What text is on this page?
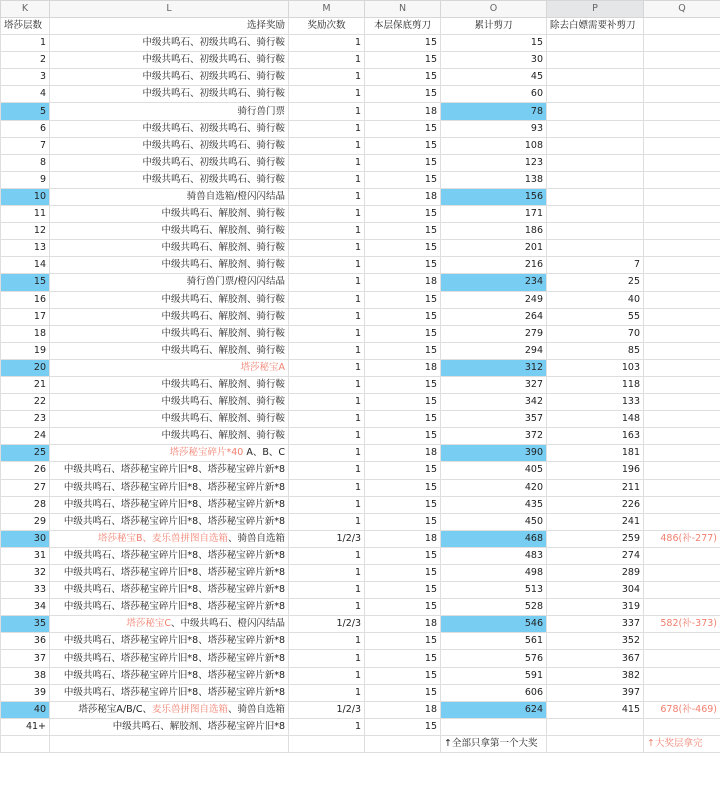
K	L	M	N	O	P	Q
塔莎层数	选择奖励	奖励次数	本层保底剪刀	累计剪刀	除去白嫖需要补剪刀	
1	中级共鸣石、初级共鸣石、骑行鞍	1	15	15		
2	中级共鸣石、初级共鸣石、骑行鞍	1	15	30		
3	中级共鸣石、初级共鸣石、骑行鞍	1	15	45		
4	中级共鸣石、初级共鸣石、骑行鞍	1	15	60		
5	骑行兽门票	1	18	78		
6	中级共鸣石、初级共鸣石、骑行鞍	1	15	93		
7	中级共鸣石、初级共鸣石、骑行鞍	1	15	108		
8	中级共鸣石、初级共鸣石、骑行鞍	1	15	123		
9	中级共鸣石、初级共鸣石、骑行鞍	1	15	138		
10	骑兽自选箱/橙闪闪结晶	1	18	156		
11	中级共鸣石、解胶剂、骑行鞍	1	15	171		
12	中级共鸣石、解胶剂、骑行鞍	1	15	186		
13	中级共鸣石、解胶剂、骑行鞍	1	15	201		
14	中级共鸣石、解胶剂、骑行鞍	1	15	216	7	
15	骑行兽门票/橙闪闪结晶	1	18	234	25	
16	中级共鸣石、解胶剂、骑行鞍	1	15	249	40	
17	中级共鸣石、解胶剂、骑行鞍	1	15	264	55	
18	中级共鸣石、解胶剂、骑行鞍	1	15	279	70	
19	中级共鸣石、解胶剂、骑行鞍	1	15	294	85	
20	塔莎秘宝A	1	18	312	103	
21	中级共鸣石、解胶剂、骑行鞍	1	15	327	118	
22	中级共鸣石、解胶剂、骑行鞍	1	15	342	133	
23	中级共鸣石、解胶剂、骑行鞍	1	15	357	148	
24	中级共鸣石、解胶剂、骑行鞍	1	15	372	163	
25	塔莎秘宝碎片*40 A、B、C	1	18	390	181	
26	中级共鸣石、塔莎秘宝碎片旧*8、塔莎秘宝碎片新*8	1	15	405	196	
27	中级共鸣石、塔莎秘宝碎片旧*8、塔莎秘宝碎片新*8	1	15	420	211	
28	中级共鸣石、塔莎秘宝碎片旧*8、塔莎秘宝碎片新*8	1	15	435	226	
29	中级共鸣石、塔莎秘宝碎片旧*8、塔莎秘宝碎片新*8	1	15	450	241	
30	塔莎秘宝B、麦乐兽拼图自选箱、骑兽自选箱	1/2/3	18	468	259	486(补-277)
31	中级共鸣石、塔莎秘宝碎片旧*8、塔莎秘宝碎片新*8	1	15	483	274	
32	中级共鸣石、塔莎秘宝碎片旧*8、塔莎秘宝碎片新*8	1	15	498	289	
33	中级共鸣石、塔莎秘宝碎片旧*8、塔莎秘宝碎片新*8	1	15	513	304	
34	中级共鸣石、塔莎秘宝碎片旧*8、塔莎秘宝碎片新*8	1	15	528	319	
35	塔莎秘宝C、中级共鸣石、橙闪闪结晶	1/2/3	18	546	337	582(补-373)
36	中级共鸣石、塔莎秘宝碎片旧*8、塔莎秘宝碎片新*8	1	15	561	352	
37	中级共鸣石、塔莎秘宝碎片旧*8、塔莎秘宝碎片新*8	1	15	576	367	
38	中级共鸣石、塔莎秘宝碎片旧*8、塔莎秘宝碎片新*8	1	15	591	382	
39	中级共鸣石、塔莎秘宝碎片旧*8、塔莎秘宝碎片新*8	1	15	606	397	
40	塔莎秘宝A/B/C、麦乐兽拼图自选箱、骑兽自选箱	1/2/3	18	624	415	678(补-469)
41+	中级共鸣石、解胶剂、塔莎秘宝碎片旧*8	1	15			
				↑全部只拿第一个大奖		↑大奖层拿完
